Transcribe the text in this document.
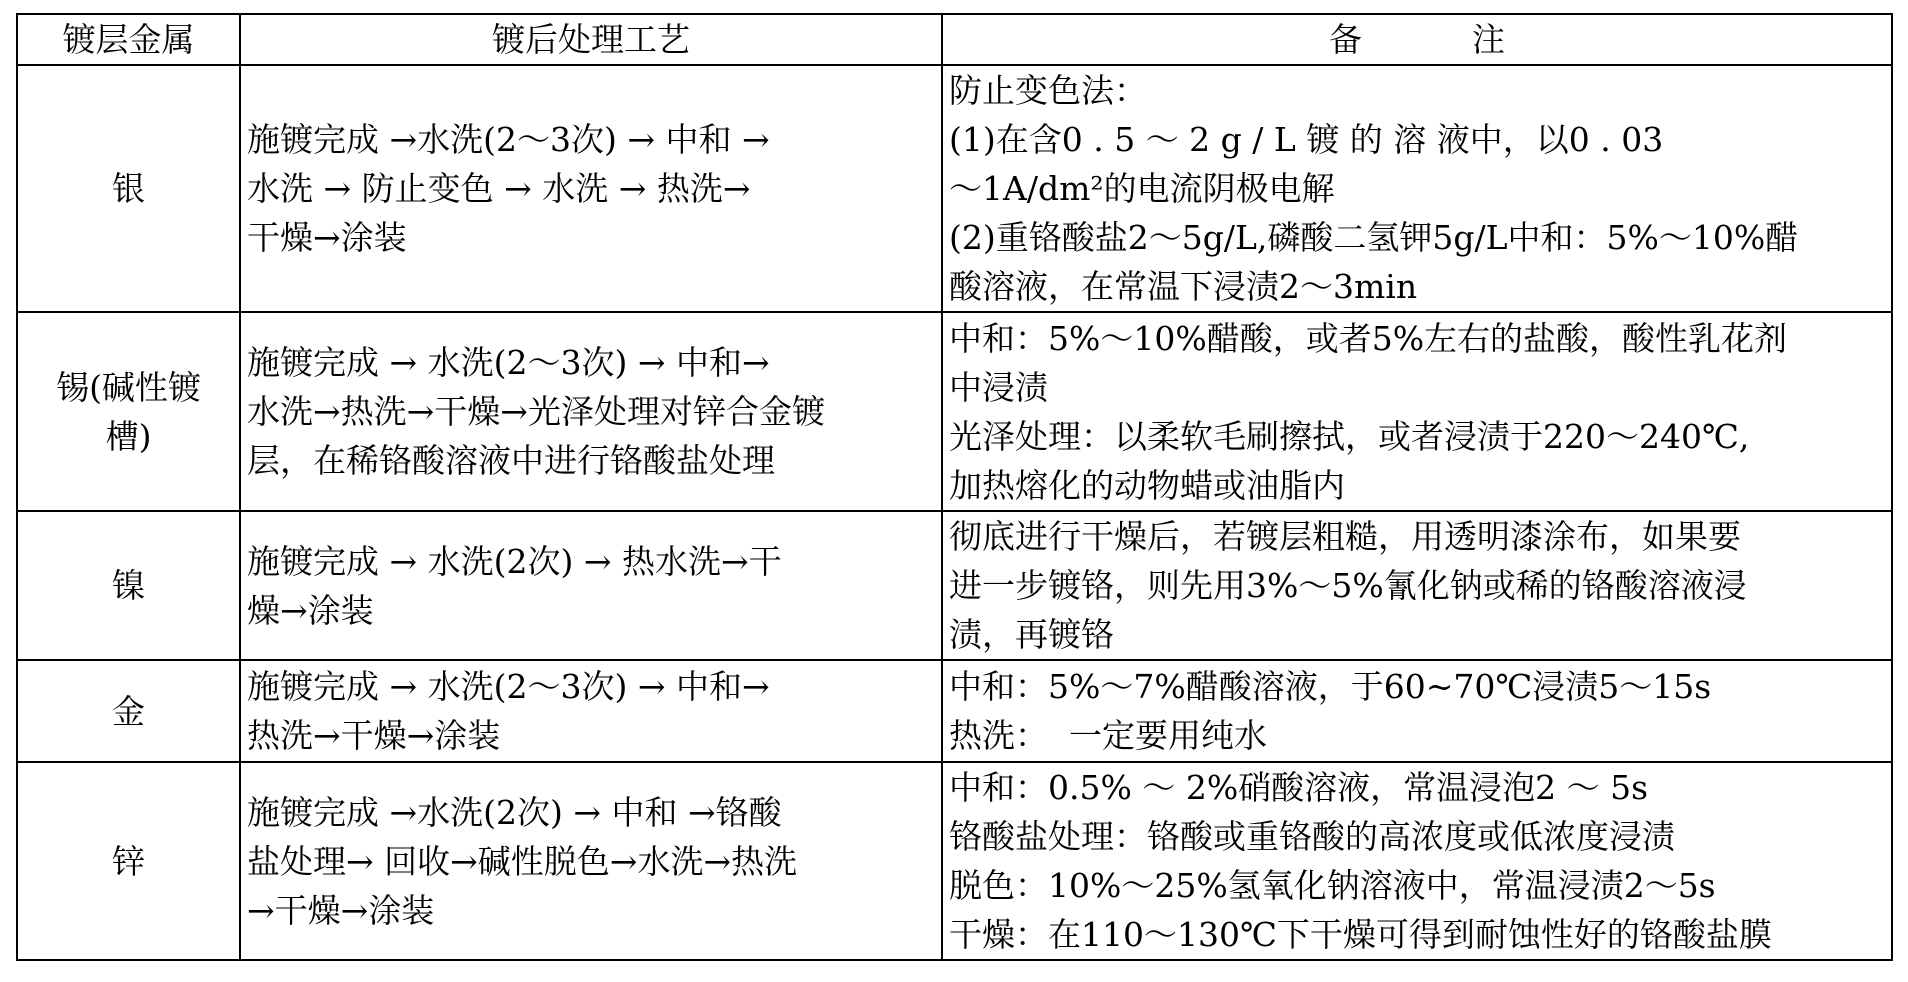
镀层金属	镀后处理工艺	备 注

银	施镀完成 →水洗(2～3次) → 中和 →
水洗 → 防止变色 → 水洗 → 热洗→
干燥→涂装	防止变色法：
(1)在含0 . 5 ～ 2 g / L 镀 的 溶 液中，以0 . 03
～1A/dm²的电流阴极电解
(2)重铬酸盐2～5g/L,磷酸二氢钾5g/L中和：5%～10%醋
酸溶液，在常温下浸渍2～3min

锡(碱性镀
槽)	施镀完成 → 水洗(2～3次) → 中和→
水洗→热洗→干燥→光泽处理对锌合金镀
层，在稀铬酸溶液中进行铬酸盐处理	中和：5%～10%醋酸，或者5%左右的盐酸，酸性乳花剂
中浸渍
光泽处理：以柔软毛刷擦拭，或者浸渍于220～240℃,
加热熔化的动物蜡或油脂内

镍	施镀完成 → 水洗(2次) → 热水洗→干
燥→涂装	彻底进行干燥后，若镀层粗糙，用透明漆涂布，如果要
进一步镀铬，则先用3%～5%氰化钠或稀的铬酸溶液浸
渍，再镀铬

金	施镀完成 → 水洗(2～3次) → 中和→
热洗→干燥→涂装	中和：5%～7%醋酸溶液，于60~70℃浸渍5～15s
热洗：  一定要用纯水

锌	施镀完成 →水洗(2次) → 中和 →铬酸
盐处理→ 回收→碱性脱色→水洗→热洗
→干燥→涂装	中和：0.5% ～ 2%硝酸溶液，常温浸泡2 ～ 5s
铬酸盐处理：铬酸或重铬酸的高浓度或低浓度浸渍
脱色：10%～25%氢氧化钠溶液中，常温浸渍2～5s
干燥：在110～130℃下干燥可得到耐蚀性好的铬酸盐膜
